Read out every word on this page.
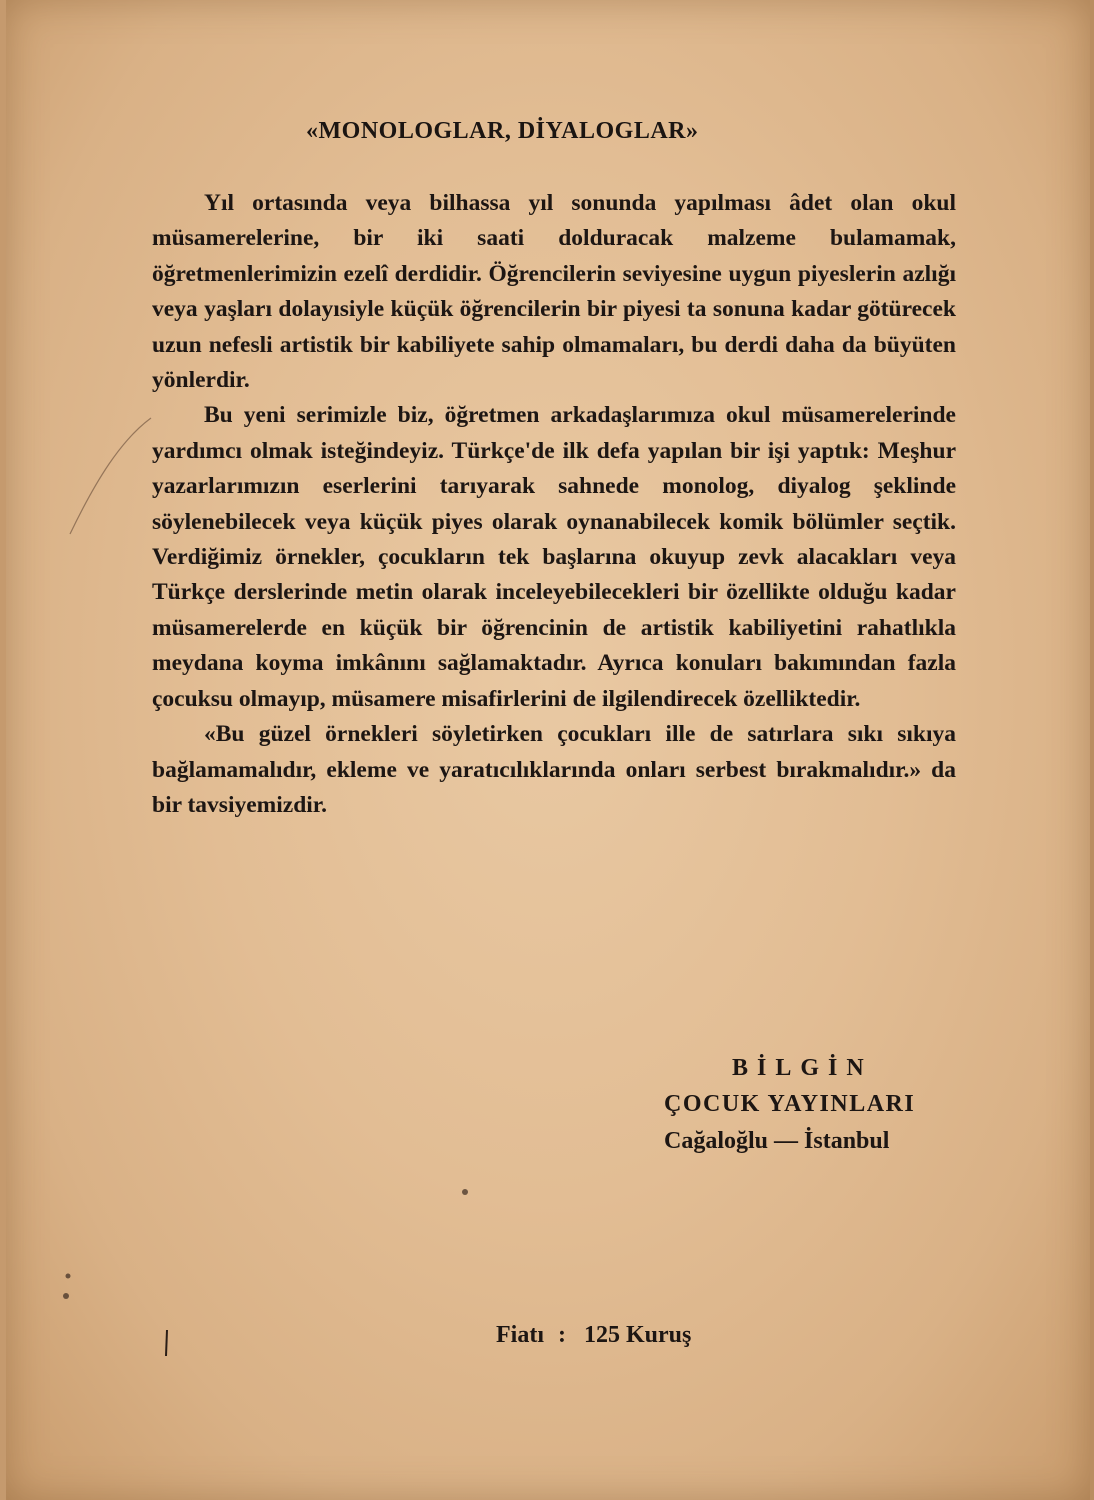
«MONOLOGLAR, DİYALOGLAR»

Yıl ortasında veya bilhassa yıl sonunda yapılması âdet olan okul müsamerelerine, bir iki saati dolduracak malzeme bulamamak, öğretmenlerimizin ezelî derdidir. Öğrencilerin seviyesine uygun piyeslerin azlığı veya yaşları dolayısiyle küçük öğrencilerin bir piyesi ta sonuna kadar götürecek uzun nefesli artistik bir kabiliyete sahip olmamaları, bu derdi daha da büyüten yönlerdir.

Bu yeni serimizle biz, öğretmen arkadaşlarımıza okul müsamerelerinde yardımcı olmak isteğindeyiz. Türkçe'de ilk defa yapılan bir işi yaptık: Meşhur yazarlarımızın eserlerini tarıyarak sahnede monolog, diyalog şeklinde söylenebilecek veya küçük piyes olarak oynanabilecek komik bölümler seçtik. Verdiğimiz örnekler, çocukların tek başlarına okuyup zevk alacakları veya Türkçe derslerinde metin olarak inceleyebilecekleri bir özellikte olduğu kadar müsamerelerde en küçük bir öğrencinin de artistik kabiliyetini rahatlıkla meydana koyma imkânını sağlamaktadır. Ayrıca konuları bakımından fazla çocuksu olmayıp, müsamere misafirlerini de ilgilendirecek özelliktedir.

«Bu güzel örnekleri söyletirken çocukları ille de satırlara sıkı sıkıya bağlamamalıdır, ekleme ve yaratıcılıklarında onları serbest bırakmalıdır.» da bir tavsiyemizdir.

BİLGİN
ÇOCUK YAYINLARI
Cağaloğlu — İstanbul
Fiatı : 125 Kuruş
